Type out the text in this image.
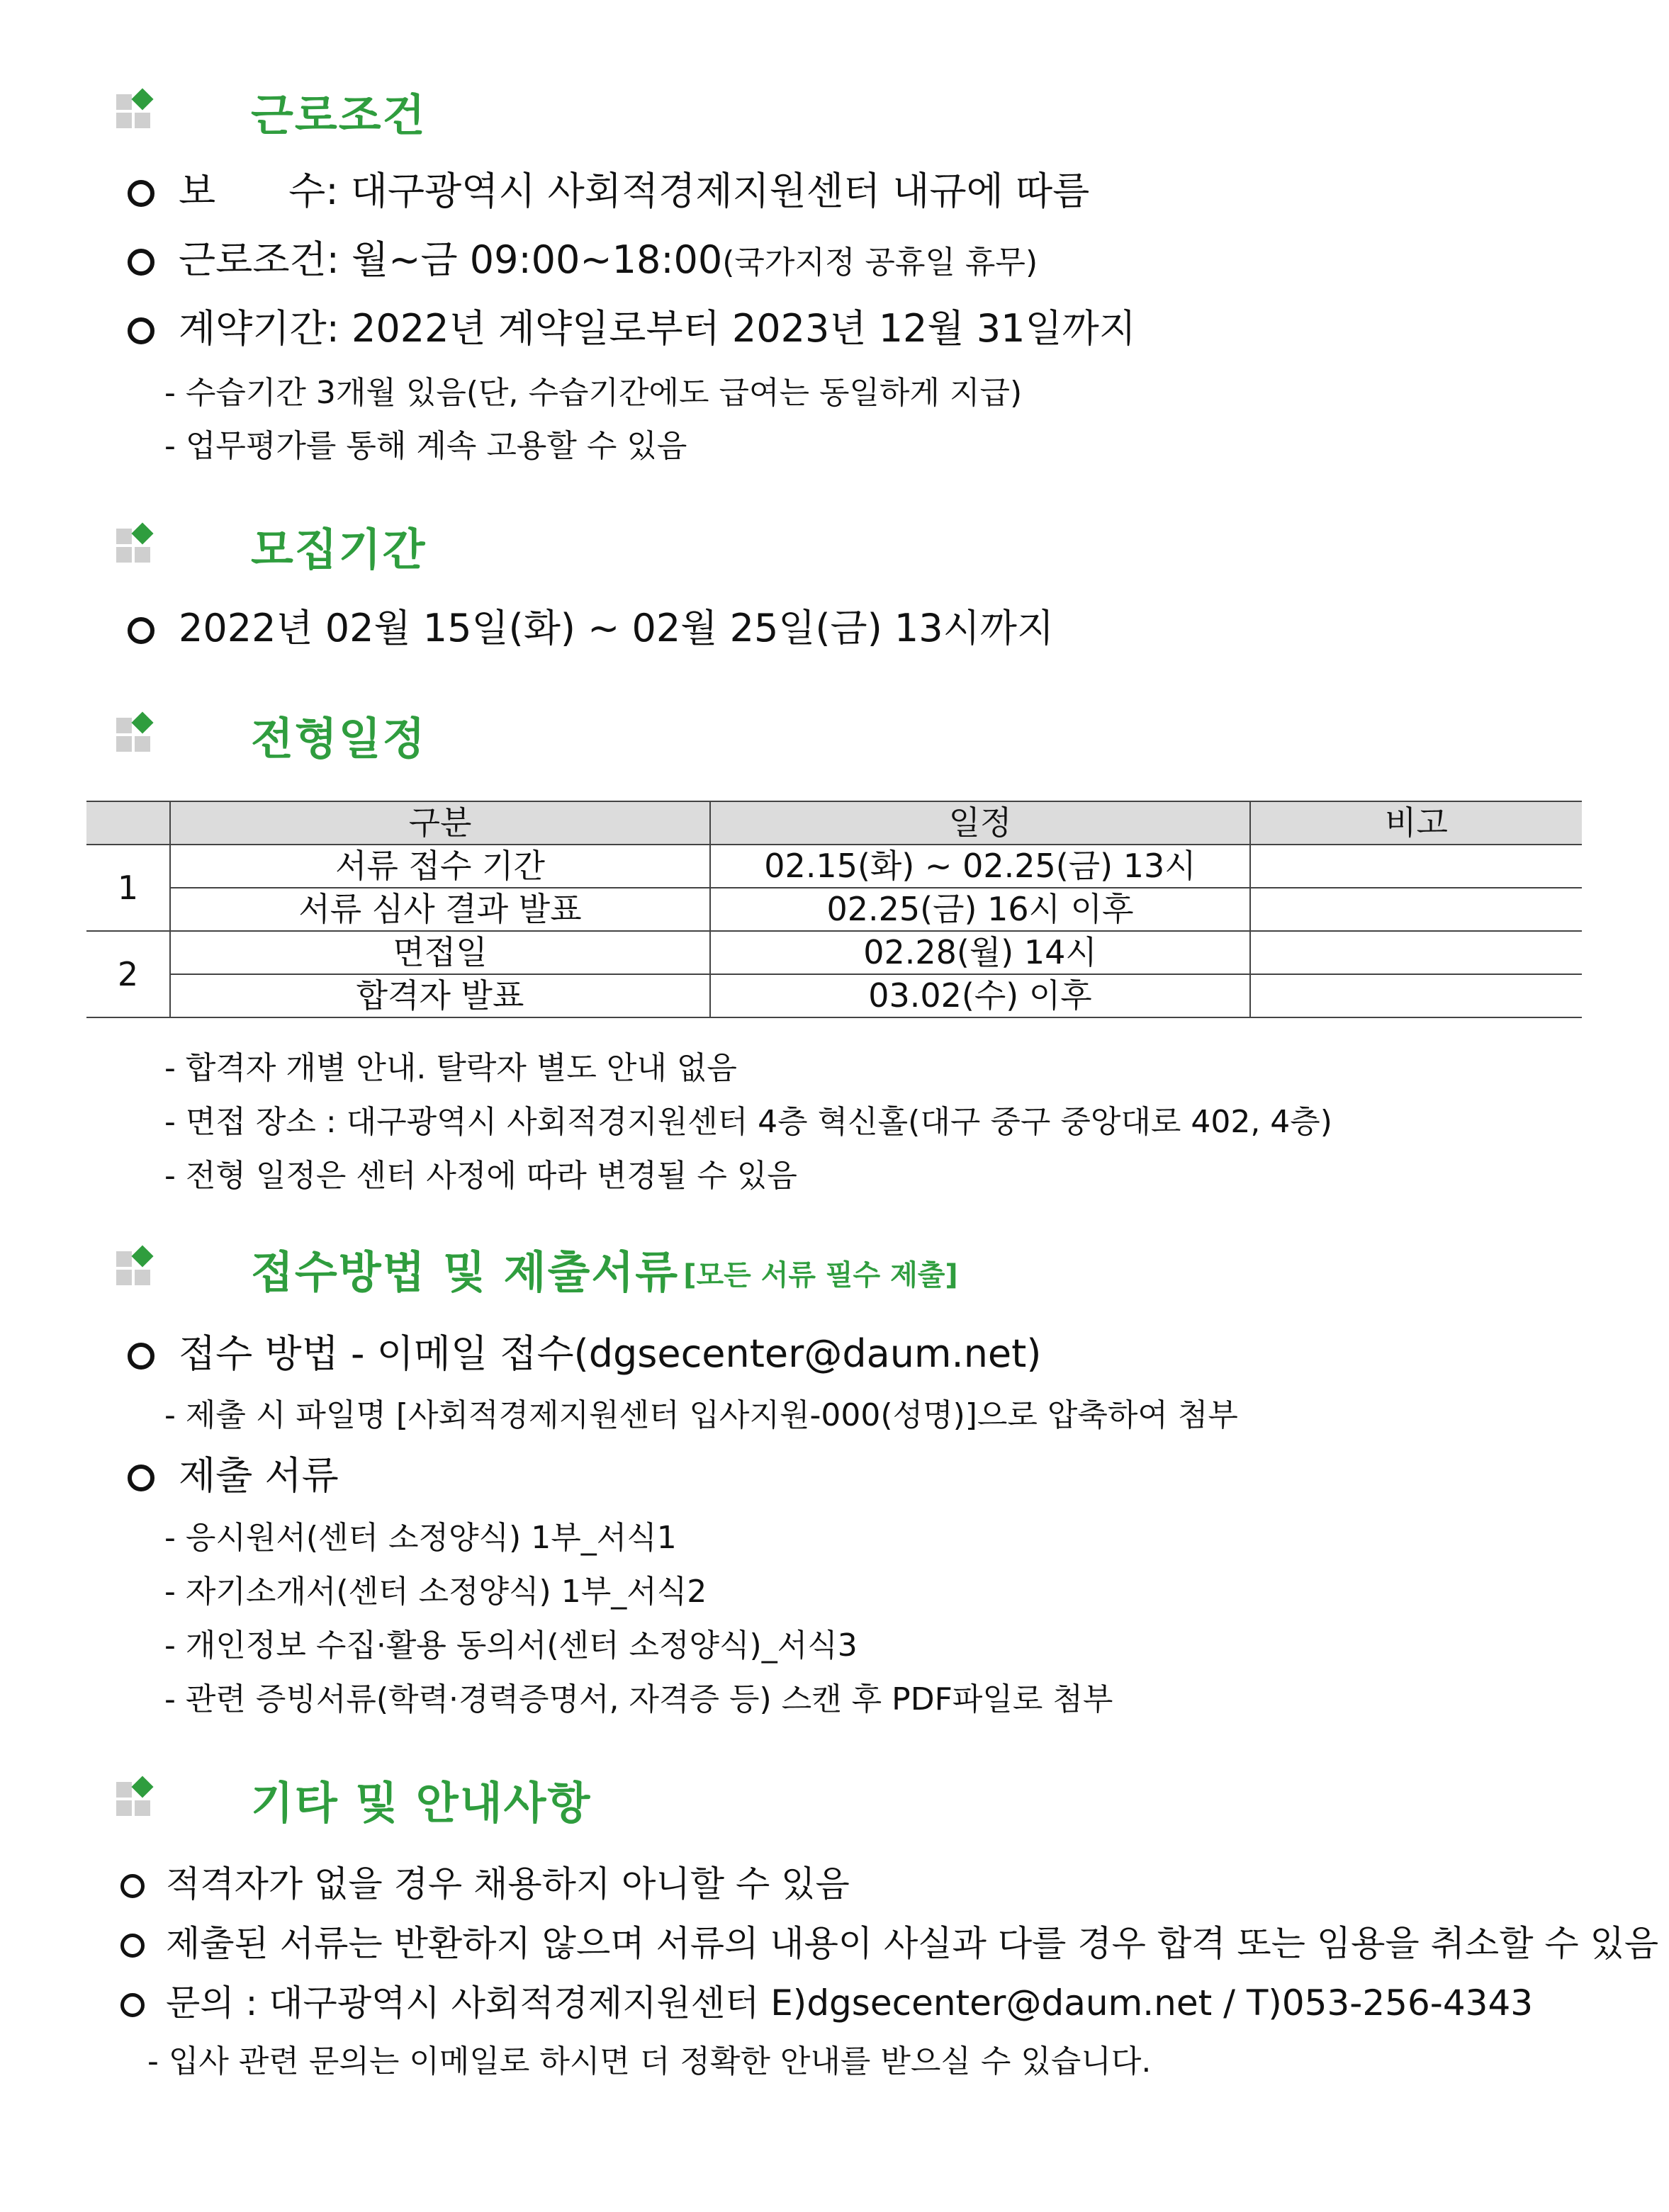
근로조건
보      수: 대구광역시 사회적경제지원센터 내규에 따름
근로조건: 월~금 09:00~18:00(국가지정 공휴일 휴무)
계약기간: 2022년 계약일로부터 2023년 12월 31일까지
- 수습기간 3개월 있음(단, 수습기간에도 급여는 동일하게 지급)
- 업무평가를 통해 계속 고용할 수 있음
모집기간
2022년 02월 15일(화) ~ 02월 25일(금) 13시까지
전형일정
	구분	일정	비고
1	서류 접수 기간	02.15(화) ~ 02.25(금) 13시	
	서류 심사 결과 발표	02.25(금) 16시 이후	
2	면접일	02.28(월) 14시	
	합격자 발표	03.02(수) 이후	
- 합격자 개별 안내. 탈락자 별도 안내 없음
- 면접 장소 : 대구광역시 사회적경지원센터 4층 혁신홀(대구 중구 중앙대로 402, 4층)
- 전형 일정은 센터 사정에 따라 변경될 수 있음
접수방법 및 제출서류 [모든 서류 필수 제출]
접수 방법 - 이메일 접수(dgsecenter@daum.net)
- 제출 시 파일명 [사회적경제지원센터 입사지원-000(성명)]으로 압축하여 첨부
제출 서류
- 응시원서(센터 소정양식) 1부_서식1
- 자기소개서(센터 소정양식) 1부_서식2
- 개인정보 수집·활용 동의서(센터 소정양식)_서식3
- 관련 증빙서류(학력·경력증명서, 자격증 등) 스캔 후 PDF파일로 첨부
기타 및 안내사항
적격자가 없을 경우 채용하지 아니할 수 있음
제출된 서류는 반환하지 않으며 서류의 내용이 사실과 다를 경우 합격 또는 임용을 취소할 수 있음
문의 : 대구광역시 사회적경제지원센터 E)dgsecenter@daum.net / T)053-256-4343
- 입사 관련 문의는 이메일로 하시면 더 정확한 안내를 받으실 수 있습니다.
